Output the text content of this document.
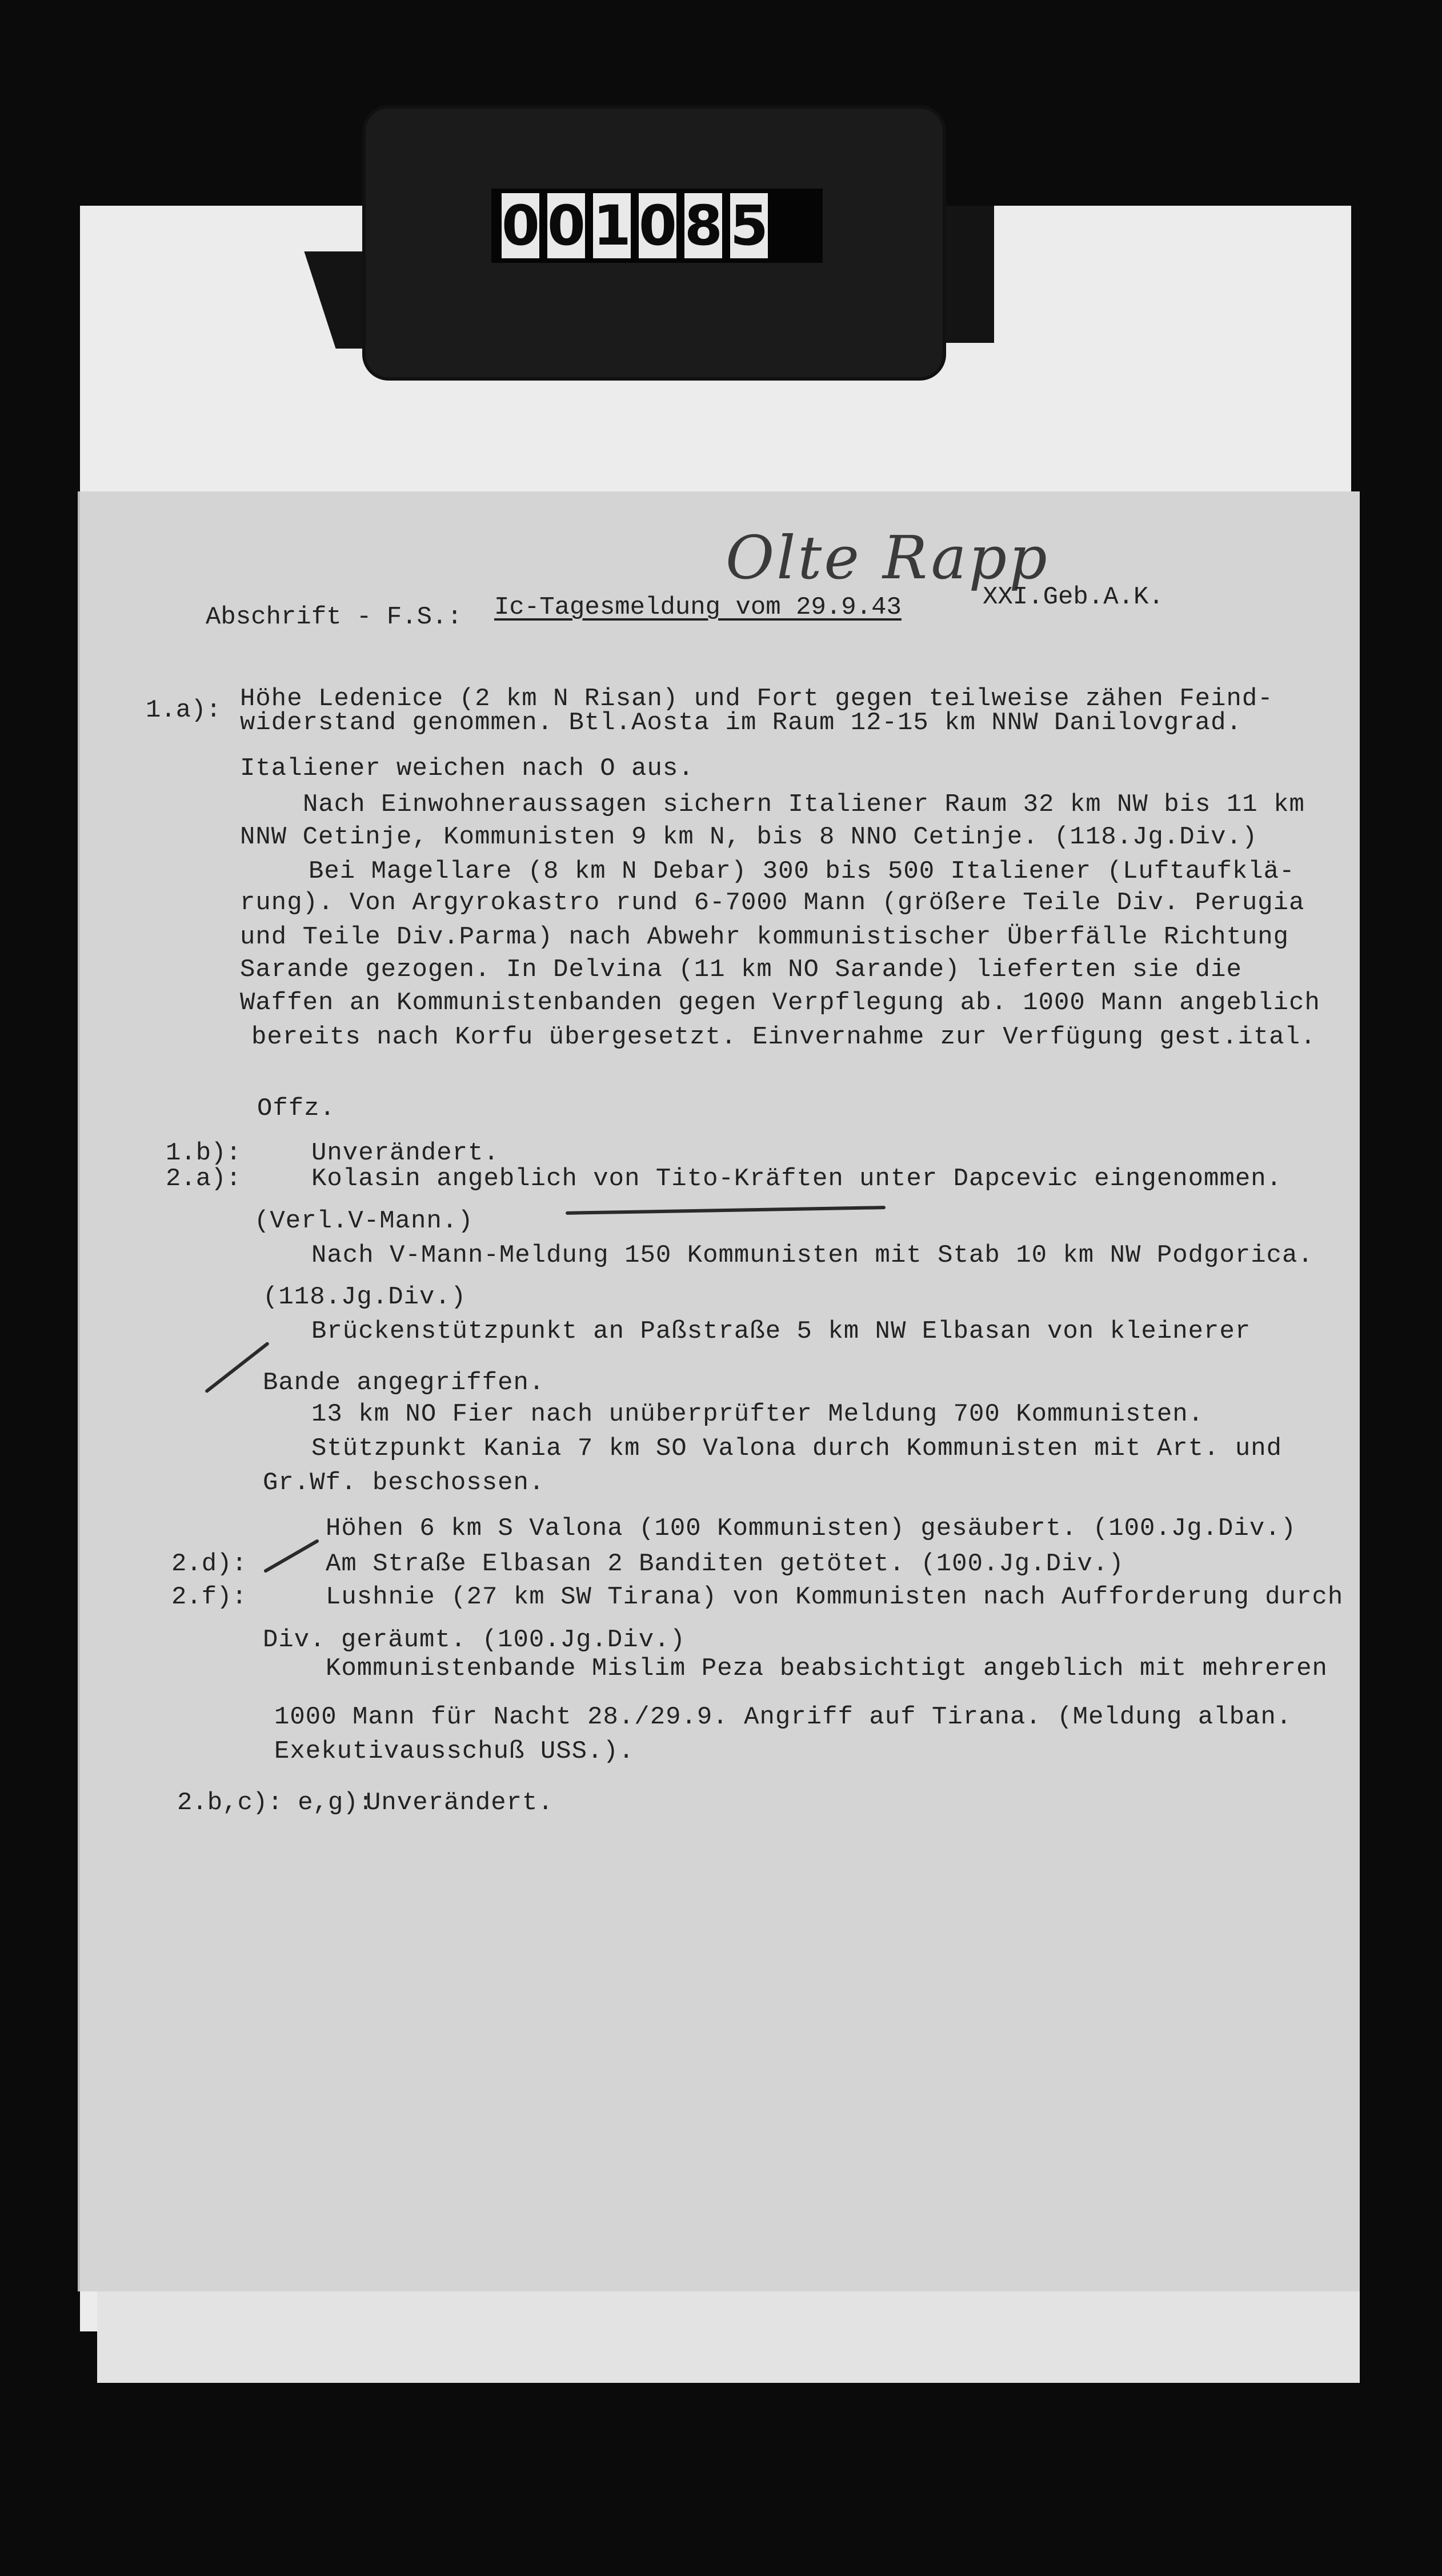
0 0 1 0 8 5
Olte Rapp
Abschrift - F.S.: Ic-Tagesmeldung vom 29.9.43	XXI.Geb.A.K.
1.a): Höhe Ledenice (2 km N Risan) und Fort gegen teilweise zähen Feind-
widerstand genommen. Btl.Aosta im Raum 12-15 km NNW Danilovgrad.
Italiener weichen nach O aus.
Nach Einwohneraussagen sichern Italiener Raum 32 km NW bis 11 km
NNW Cetinje, Kommunisten 9 km N, bis 8 NNO Cetinje. (118.Jg.Div.)
Bei Magellare (8 km N Debar) 300 bis 500 Italiener (Luftaufklä-
rung). Von Argyrokastro rund 6-7000 Mann (größere Teile Div. Perugia
und Teile Div.Parma) nach Abwehr kommunistischer Überfälle Richtung
Sarande gezogen. In Delvina (11 km NO Sarande) lieferten sie die
Waffen an Kommunistenbanden gegen Verpflegung ab. 1000 Mann angeblich
bereits nach Korfu übergesetzt. Einvernahme zur Verfügung gest.ital.
Offz.
1.b):	Unverändert.
2.a):	Kolasin angeblich von Tito-Kräften unter Dapcevic eingenommen.
(Verl.V-Mann.)
Nach V-Mann-Meldung 150 Kommunisten mit Stab 10 km NW Podgorica.
(118.Jg.Div.)
Brückenstützpunkt an Paßstraße 5 km NW Elbasan von kleinerer
Bande angegriffen.
13 km NO Fier nach unüberprüfter Meldung 700 Kommunisten.
Stützpunkt Kania 7 km SO Valona durch Kommunisten mit Art. und
Gr.Wf. beschossen.
Höhen 6 km S Valona (100 Kommunisten) gesäubert. (100.Jg.Div.)
2.d):	Am Straße Elbasan 2 Banditen getötet. (100.Jg.Div.)
2.f):	Lushnie (27 km SW Tirana) von Kommunisten nach Aufforderung durch
Div. geräumt. (100.Jg.Div.)
Kommunistenbande Mislim Peza beabsichtigt angeblich mit mehreren
1000 Mann für Nacht 28./29.9. Angriff auf Tirana. (Meldung alban.
Exekutivausschuß USS.).
2.b,c): e,g):
Unverändert.
